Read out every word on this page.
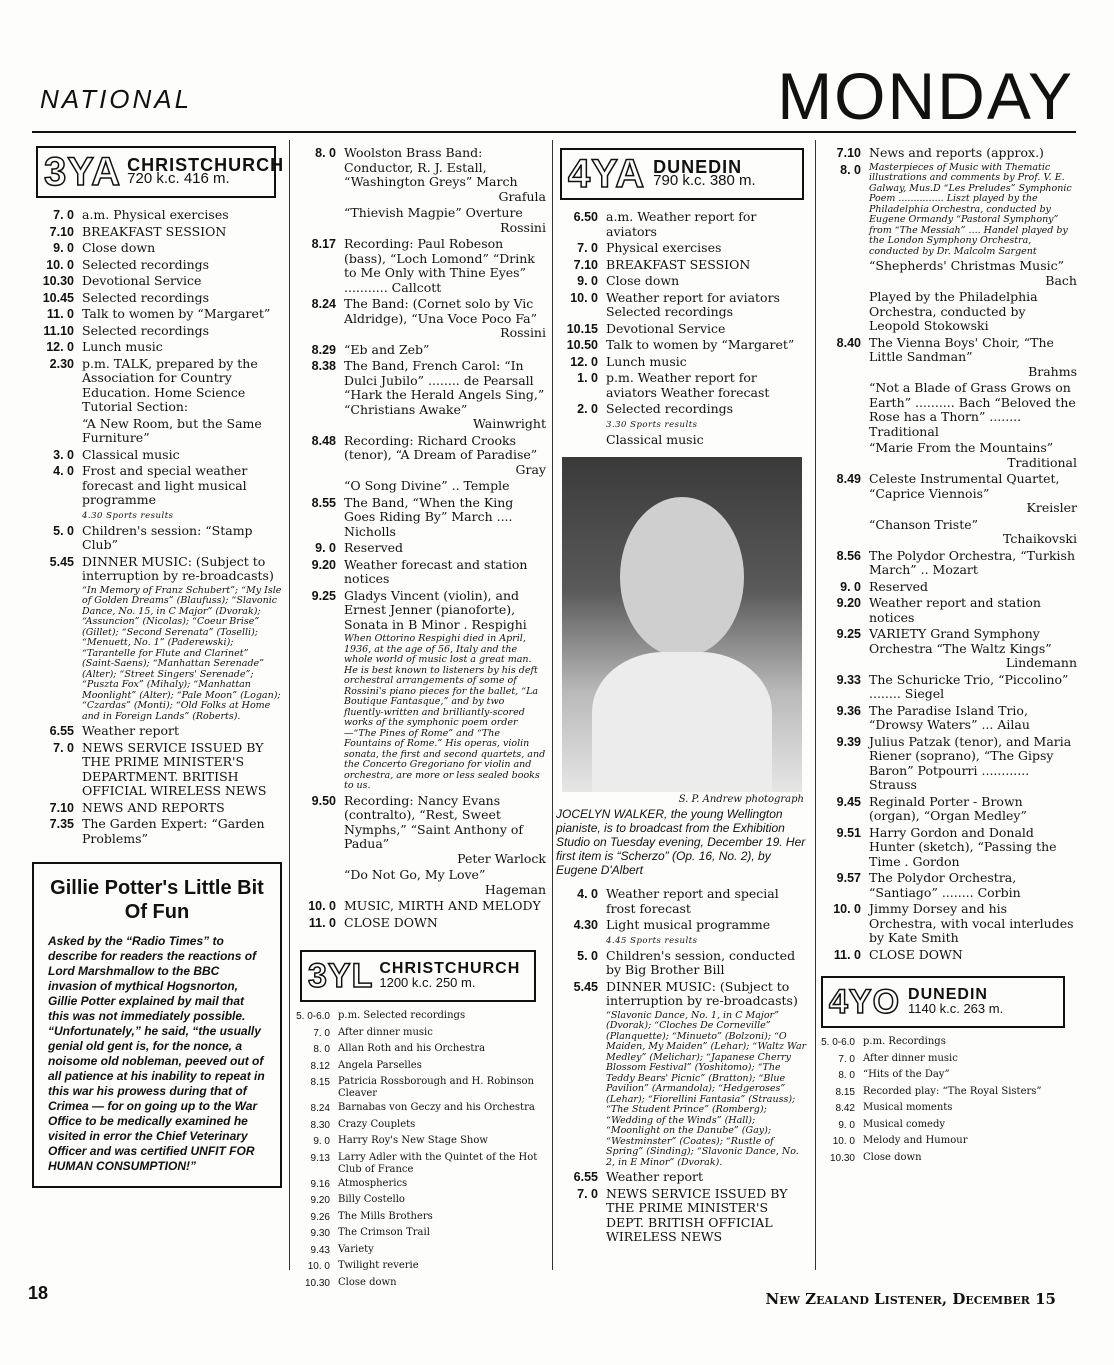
NATIONAL	MONDAY
3YA CHRISTCHURCH
720 k.c. 416 m.
7. 0 a.m. Physical exercises
7.10 BREAKFAST SESSION
9. 0 Close down
10. 0 Selected recordings
10.30 Devotional Service
10.45 Selected recordings
11. 0 Talk to women by “Margaret”
11.10 Selected recordings
12. 0 Lunch music
2.30 p.m. TALK, prepared by the Association for Country Education. Home Science Tutorial Section:
“A New Room, but the Same Furniture”
3. 0 Classical music
4. 0 Frost and special weather forecast and light musical programme
4.30 Sports results
5. 0 Children's session: “Stamp Club”
5.45 DINNER MUSIC: (Subject to interruption by re-broadcasts)
“In Memory of Franz Schubert”; “My Isle of Golden Dreams” (Blaufuss); “Slavonic Dance, No. 15, in C Major” (Dvorak); “Assuncion” (Nicolas); “Coeur Brise” (Gillet); “Second Serenata” (Toselli); “Menuett, No. 1” (Paderewski); “Tarantelle for Flute and Clarinet” (Saint-Saens); “Manhattan Serenade” (Alter); “Street Singers' Serenade”; “Puszta Fox” (Mihaly); “Manhattan Moonlight” (Alter); “Pale Moon” (Logan); “Czardas” (Monti); “Old Folks at Home and in Foreign Lands” (Roberts).
6.55 Weather report
7. 0 NEWS SERVICE ISSUED BY THE PRIME MINISTER'S DEPARTMENT. BRITISH OFFICIAL WIRELESS NEWS
7.10 NEWS AND REPORTS
7.35 The Garden Expert: “Garden Problems”
Gillie Potter's Little Bit Of Fun
Asked by the “Radio Times” to describe for readers the reactions of Lord Marshmallow to the BBC invasion of mythical Hogsnorton, Gillie Potter explained by mail that this was not immediately possible. “Unfortunately,” he said, “the usually genial old gent is, for the nonce, a noisome old nobleman, peeved out of all patience at his inability to repeat in this war his prowess during that of Crimea — for on going up to the War Office to be medically examined he visited in error the Chief Veterinary Officer and was certified UNFIT FOR HUMAN CONSUMPTION!”
8. 0 Woolston Brass Band: Conductor, R. J. Estall, “Washington Greys” March
Grafula
“Thievish Magpie” Overture
Rossini
8.17 Recording: Paul Robeson (bass), “Loch Lomond” “Drink to Me Only with Thine Eyes” ........... Callcott
8.24 The Band: (Cornet solo by Vic Aldridge), “Una Voce Poco Fa”
Rossini
8.29 “Eb and Zeb”
8.38 The Band, French Carol: “In Dulci Jubilo” ........ de Pearsall “Hark the Herald Angels Sing,” “Christians Awake”
Wainwright
8.48 Recording: Richard Crooks (tenor), “A Dream of Paradise”
Gray
“O Song Divine” .. Temple
8.55 The Band, “When the King Goes Riding By” March .... Nicholls
9. 0 Reserved
9.20 Weather forecast and station notices
9.25 Gladys Vincent (violin), and Ernest Jenner (pianoforte), Sonata in B Minor . Respighi
When Ottorino Respighi died in April, 1936, at the age of 56, Italy and the whole world of music lost a great man. He is best known to listeners by his deft orchestral arrangements of some of Rossini's piano pieces for the ballet, “La Boutique Fantasque,” and by two fluently-written and brilliantly-scored works of the symphonic poem order—“The Pines of Rome” and “The Fountains of Rome.” His operas, violin sonata, the first and second quartets, and the Concerto Gregoriano for violin and orchestra, are more or less sealed books to us.
9.50 Recording: Nancy Evans (contralto), “Rest, Sweet Nymphs,” “Saint Anthony of Padua”
Peter Warlock
“Do Not Go, My Love”
Hageman
10. 0 MUSIC, MIRTH AND MELODY
11. 0 CLOSE DOWN
3YL CHRISTCHURCH
1200 k.c. 250 m.
5. 0-6.0 p.m. Selected recordings
7. 0 After dinner music
8. 0 Allan Roth and his Orchestra
8.12 Angela Parselles
8.15 Patricia Rossborough and H. Robinson Cleaver
8.24 Barnabas von Geczy and his Orchestra
8.30 Crazy Couplets
9. 0 Harry Roy's New Stage Show
9.13 Larry Adler with the Quintet of the Hot Club of France
9.16 Atmospherics
9.20 Billy Costello
9.26 The Mills Brothers
9.30 The Crimson Trail
9.43 Variety
10. 0 Twilight reverie
10.30 Close down
4YA DUNEDIN
790 k.c. 380 m.
6.50 a.m. Weather report for aviators
7. 0 Physical exercises
7.10 BREAKFAST SESSION
9. 0 Close down
10. 0 Weather report for aviators Selected recordings
10.15 Devotional Service
10.50 Talk to women by “Margaret”
12. 0 Lunch music
1. 0 p.m. Weather report for aviators Weather forecast
2. 0 Selected recordings
3.30 Sports results
Classical music
S. P. Andrew photograph
JOCELYN WALKER, the young Wellington pianiste, is to broadcast from the Exhibition Studio on Tuesday evening, December 19. Her first item is “Scherzo” (Op. 16, No. 2), by Eugene D'Albert
4. 0 Weather report and special frost forecast
4.30 Light musical programme
4.45 Sports results
5. 0 Children's session, conducted by Big Brother Bill
5.45 DINNER MUSIC: (Subject to interruption by re-broadcasts)
“Slavonic Dance, No. 1, in C Major” (Dvorak); “Cloches De Corneville” (Planquette); “Minueto” (Bolzoni); “O Maiden, My Maiden” (Lehar); “Waltz War Medley” (Melichar); “Japanese Cherry Blossom Festival” (Yoshitomo); “The Teddy Bears' Picnic” (Bratton); “Blue Pavilion” (Armandola); “Hedgeroses” (Lehar); “Fiorellini Fantasia” (Strauss); “The Student Prince” (Romberg); “Wedding of the Winds” (Hall); “Moonlight on the Danube” (Gay); “Westminster” (Coates); “Rustle of Spring” (Sinding); “Slavonic Dance, No. 2, in E Minor” (Dvorak).
6.55 Weather report
7. 0 NEWS SERVICE ISSUED BY THE PRIME MINISTER'S DEPT. BRITISH OFFICIAL WIRELESS NEWS
7.10 News and reports (approx.)
8. 0 Masterpieces of Music with Thematic illustrations and comments by Prof. V. E. Galway, Mus.D “Les Preludes” Symphonic Poem ............... Liszt played by the Philadelphia Orchestra, conducted by Eugene Ormandy “Pastoral Symphony” from “The Messiah” .... Handel played by the London Symphony Orchestra, conducted by Dr. Malcolm Sargent
“Shepherds' Christmas Music”
Bach
Played by the Philadelphia Orchestra, conducted by Leopold Stokowski
8.40 The Vienna Boys' Choir, “The Little Sandman”
Brahms
“Not a Blade of Grass Grows on Earth” .......... Bach “Beloved the Rose has a Thorn” ........ Traditional
“Marie From the Mountains”
Traditional
8.49 Celeste Instrumental Quartet, “Caprice Viennois”
Kreisler
“Chanson Triste”
Tchaikovski
8.56 The Polydor Orchestra, “Turkish March” .. Mozart
9. 0 Reserved
9.20 Weather report and station notices
9.25 VARIETY Grand Symphony Orchestra “The Waltz Kings”
Lindemann
9.33 The Schuricke Trio, “Piccolino” ........ Siegel
9.36 The Paradise Island Trio, “Drowsy Waters” ... Ailau
9.39 Julius Patzak (tenor), and Maria Riener (soprano), “The Gipsy Baron” Potpourri ............ Strauss
9.45 Reginald Porter - Brown (organ), “Organ Medley”
9.51 Harry Gordon and Donald Hunter (sketch), “Passing the Time . Gordon
9.57 The Polydor Orchestra, “Santiago” ........ Corbin
10. 0 Jimmy Dorsey and his Orchestra, with vocal interludes by Kate Smith
11. 0 CLOSE DOWN
4YO DUNEDIN
1140 k.c. 263 m.
5. 0-6.0 p.m. Recordings
7. 0 After dinner music
8. 0 “Hits of the Day”
8.15 Recorded play: “The Royal Sisters”
8.42 Musical moments
9. 0 Musical comedy
10. 0 Melody and Humour
10.30 Close down
18	New Zealand Listener, December 15
